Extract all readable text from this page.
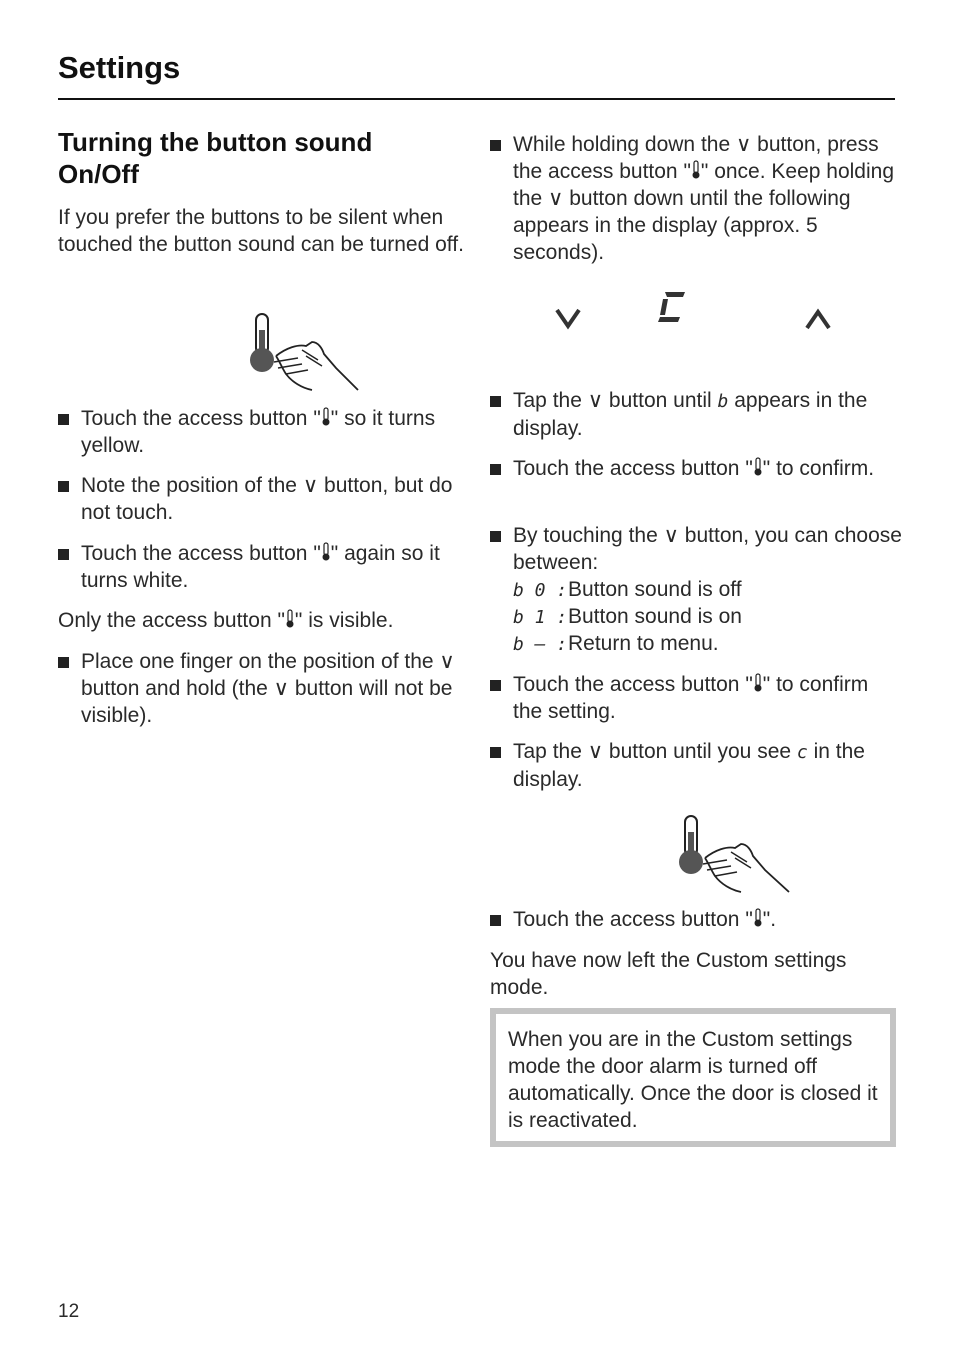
Settings
Turning the button sound On/Off

If you prefer the buttons to be silent when touched the button sound can be turned off.

Touch the access button " " so it turns yellow.
Note the position of the ∨ button, but do not touch.
Touch the access button " " again so it turns white.

Only the access button " " is visible.

Place one finger on the position of the ∨ button and hold (the ∨ button will not be visible).
While holding down the ∨ button, press the access button " " once. Keep holding the ∨ button down until the following appears in the display (approx. 5 seconds).
Tap the ∨ button until b appears in the display.
Touch the access button " " to confirm.
By touching the ∨ button, you can choose between:
b 0 :Button sound is off
b 1 :Button sound is on
b – :Return to menu.
Touch the access button " " to confirm the setting.
Tap the ∨ button until you see c in the display.
Touch the access button " ".

You have now left the Custom settings mode.

When you are in the Custom settings mode the door alarm is turned off automatically. Once the door is closed it is reactivated.
12
